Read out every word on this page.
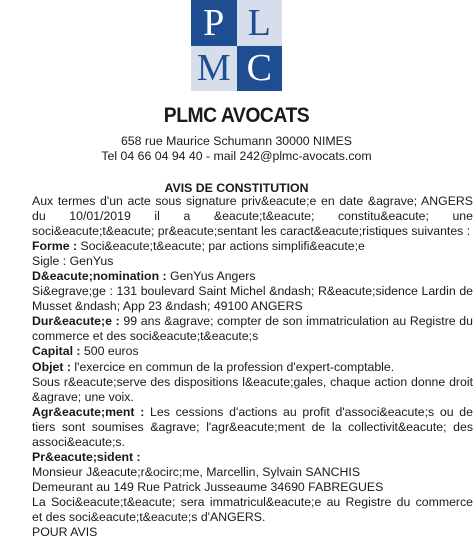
P L
M C
PLMC AVOCATS
658 rue Maurice Schumann 30000 NIMES
Tel 04 66 04 94 40 - mail 242@plmc-avocats.com
AVIS DE CONSTITUTION
Aux termes d'un acte sous signature priv&eacute;e en date &agrave; ANGERS du 10/01/2019 il a &eacute;t&eacute; constitu&eacute; une soci&eacute;t&eacute; pr&eacute;sentant les caract&eacute;ristiques suivantes :
Forme : Soci&eacute;t&eacute; par actions simplifi&eacute;e
Sigle : GenYus
D&eacute;nomination : GenYus Angers
Si&egrave;ge : 131 boulevard Saint Michel &ndash; R&eacute;sidence Lardin de Musset &ndash; App 23 &ndash; 49100 ANGERS
Dur&eacute;e : 99 ans &agrave; compter de son immatriculation au Registre du commerce et des soci&eacute;t&eacute;s
Capital : 500 euros
Objet : l'exercice en commun de la profession d'expert-comptable.
Sous r&eacute;serve des dispositions l&eacute;gales, chaque action donne droit &agrave; une voix.
Agr&eacute;ment : Les cessions d'actions au profit d'associ&eacute;s ou de tiers sont soumises &agrave; l'agr&eacute;ment de la collectivit&eacute; des associ&eacute;s.
Pr&eacute;sident :
Monsieur J&eacute;r&ocirc;me, Marcellin, Sylvain SANCHIS
Demeurant au 149 Rue Patrick Jusseaume 34690 FABREGUES
La Soci&eacute;t&eacute; sera immatricul&eacute;e au Registre du commerce et des soci&eacute;t&eacute;s d'ANGERS.
POUR AVIS
